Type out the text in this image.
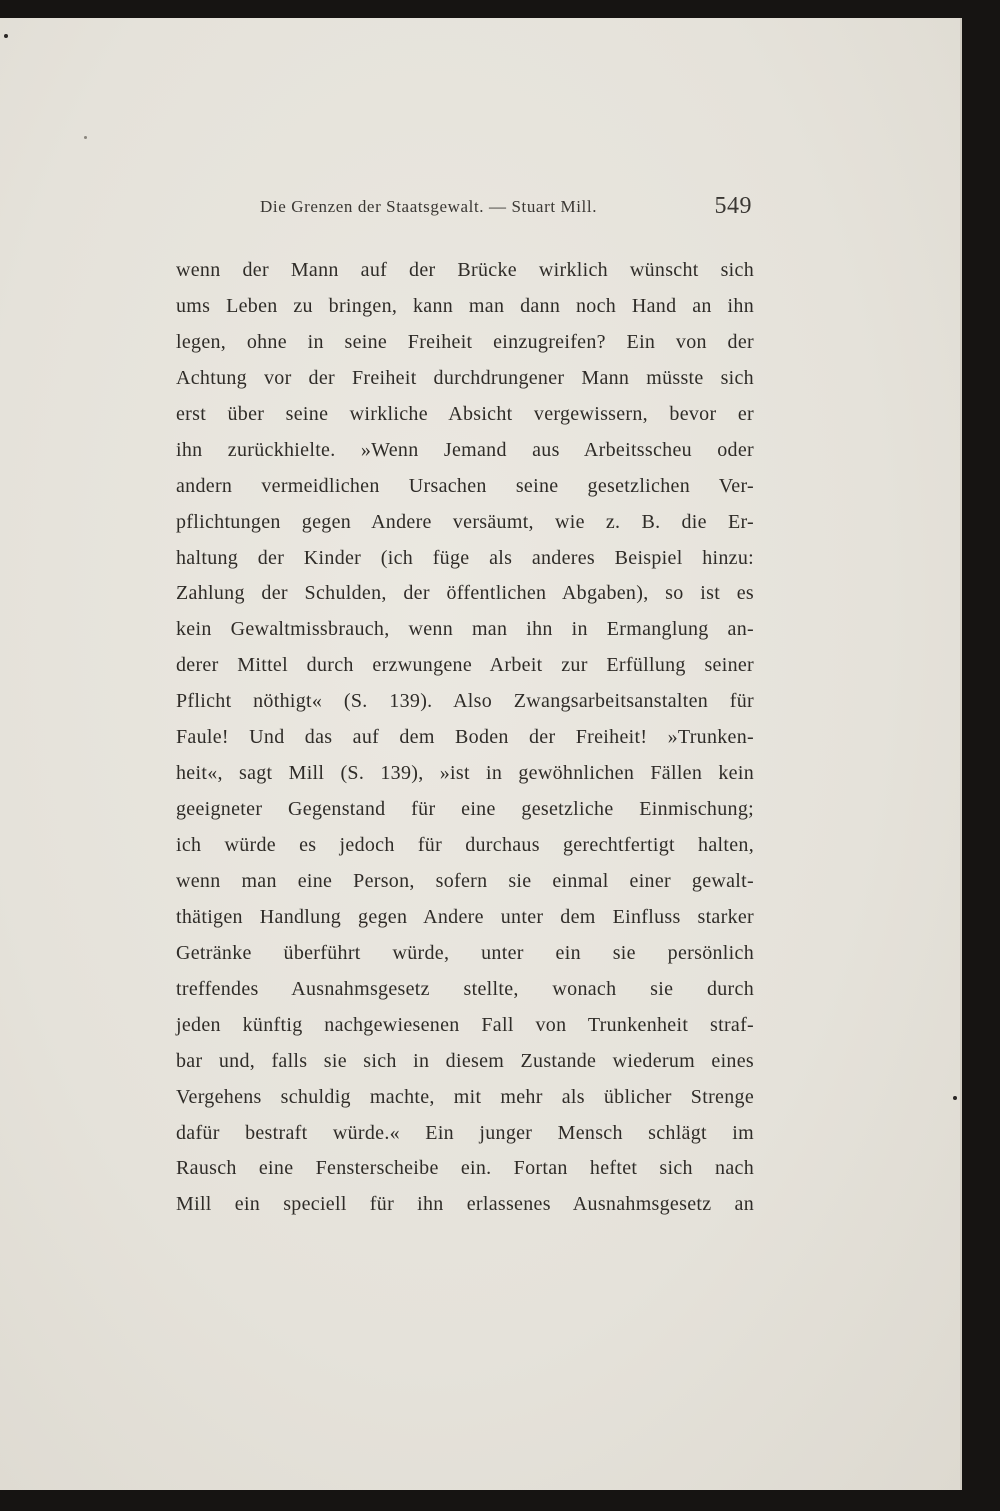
Die Grenzen der Staatsgewalt. — Stuart Mill.	549
wenn der Mann auf der Brücke wirklich wünscht sich
ums Leben zu bringen, kann man dann noch Hand an ihn
legen, ohne in seine Freiheit einzugreifen? Ein von der
Achtung vor der Freiheit durchdrungener Mann müsste sich
erst über seine wirkliche Absicht vergewissern, bevor er
ihn zurückhielte. »Wenn Jemand aus Arbeitsscheu oder
andern vermeidlichen Ursachen seine gesetzlichen Ver-
pflichtungen gegen Andere versäumt, wie z. B. die Er-
haltung der Kinder (ich füge als anderes Beispiel hinzu:
Zahlung der Schulden, der öffentlichen Abgaben), so ist es
kein Gewaltmissbrauch, wenn man ihn in Ermanglung an-
derer Mittel durch erzwungene Arbeit zur Erfüllung seiner
Pflicht nöthigt« (S. 139). Also Zwangsarbeitsanstalten für
Faule! Und das auf dem Boden der Freiheit! »Trunken-
heit«, sagt Mill (S. 139), »ist in gewöhnlichen Fällen kein
geeigneter Gegenstand für eine gesetzliche Einmischung;
ich würde es jedoch für durchaus gerechtfertigt halten,
wenn man eine Person, sofern sie einmal einer gewalt-
thätigen Handlung gegen Andere unter dem Einfluss starker
Getränke überführt würde, unter ein sie persönlich
treffendes Ausnahmsgesetz stellte, wonach sie durch
jeden künftig nachgewiesenen Fall von Trunkenheit straf-
bar und, falls sie sich in diesem Zustande wiederum eines
Vergehens schuldig machte, mit mehr als üblicher Strenge
dafür bestraft würde.« Ein junger Mensch schlägt im
Rausch eine Fensterscheibe ein. Fortan heftet sich nach
Mill ein speciell für ihn erlassenes Ausnahmsgesetz an
